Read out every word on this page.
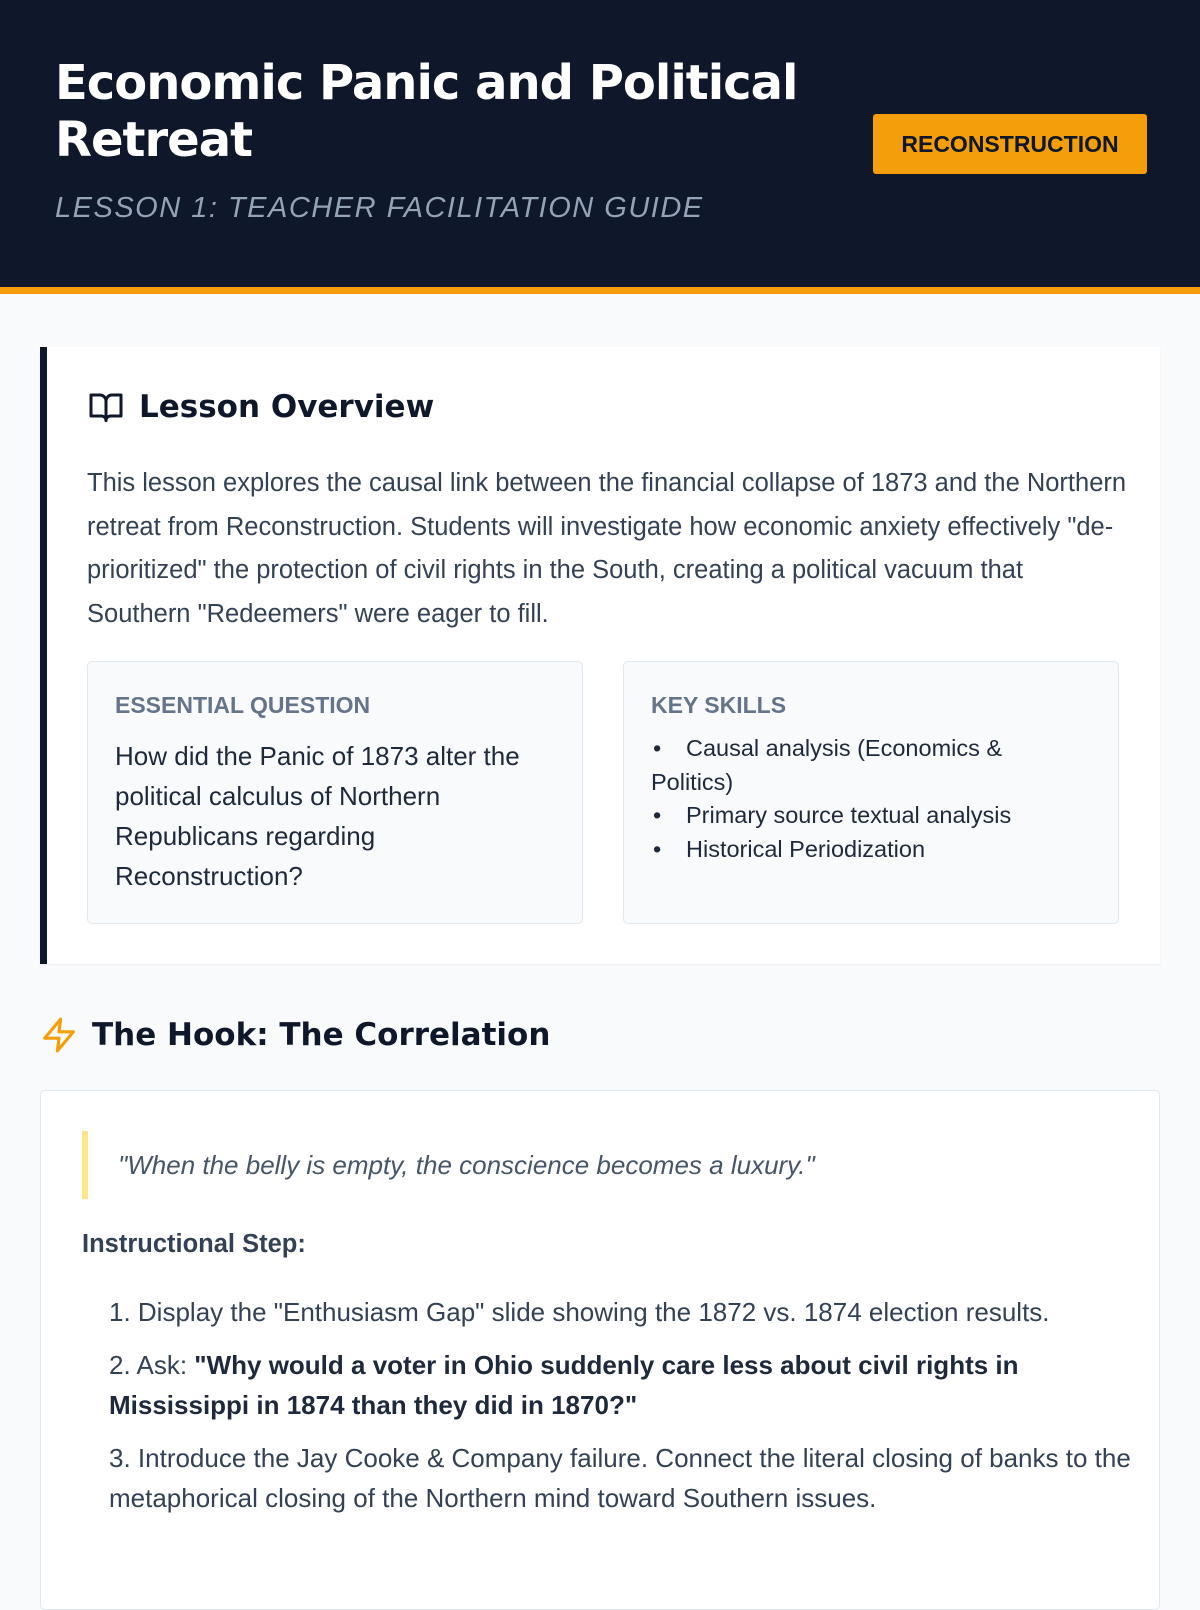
Economic Panic and Political Retreat
LESSON 1: TEACHER FACILITATION GUIDE
RECONSTRUCTION
Lesson Overview

This lesson explores the causal link between the financial collapse of 1873 and the Northern retreat from Reconstruction. Students will investigate how economic anxiety effectively "de-prioritized" the protection of civil rights in the South, creating a political vacuum that Southern "Redeemers" were eager to fill.

ESSENTIAL QUESTION
How did the Panic of 1873 alter the political calculus of Northern Republicans regarding Reconstruction?
KEY SKILLS
• Causal analysis (Economics & Politics)
• Primary source textual analysis
• Historical Periodization
The Hook: The Correlation
"When the belly is empty, the conscience becomes a luxury."
Instructional Step:
1. Display the "Enthusiasm Gap" slide showing the 1872 vs. 1874 election results.
2. Ask: "Why would a voter in Ohio suddenly care less about civil rights in Mississippi in 1874 than they did in 1870?"
3. Introduce the Jay Cooke & Company failure. Connect the literal closing of banks to the metaphorical closing of the Northern mind toward Southern issues.
